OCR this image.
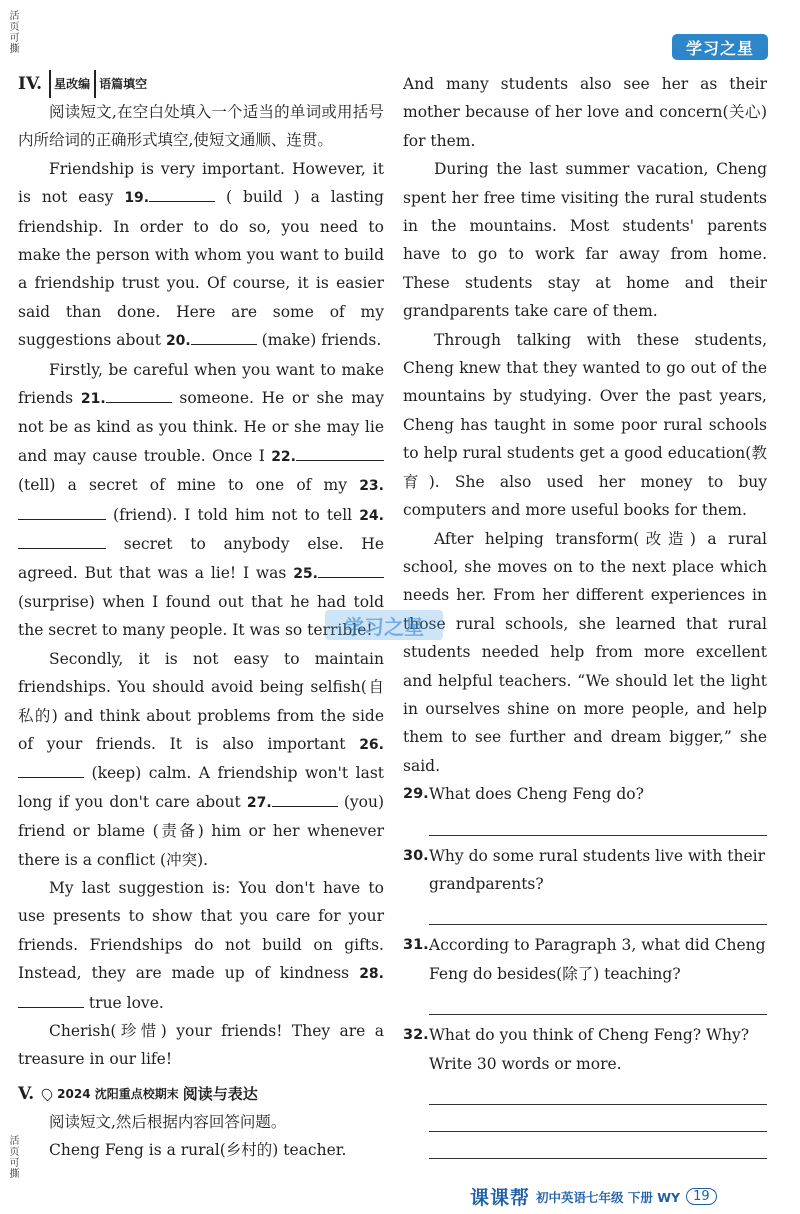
活页可撕
活页可撕
学习之星
IV.	星改编 语篇填空

阅读短文,在空白处填入一个适当的单词或用括号内所给词的正确形式填空,使短文通顺、连贯。

Friendship is very important. However, it is not easy 19.	( build ) a lasting friendship. In order to do so, you need to make the person with whom you want to build a friendship trust you. Of course, it is easier said than done. Here are some of my suggestions about 20.	(make) friends.

Firstly, be careful when you want to make friends 21.	someone. He or she may not be as kind as you think. He or she may lie and may cause trouble. Once I 22. (tell) a secret of mine to one of my 23. (friend). I told him not to tell 24. secret to anybody else. He agreed. But that was a lie! I was 25. (surprise) when I found out that he had told the secret to many people. It was so terrible!

Secondly, it is not easy to maintain friendships. You should avoid being selfish(自私的) and think about problems from the side of your friends. It is also important 26. (keep) calm. A friendship won't last long if you don't care about 27.	(you) friend or blame (责备) him or her whenever there is a conflict (冲突).

My last suggestion is: You don't have to use presents to show that you care for your friends. Friendships do not build on gifts. Instead, they are made up of kindness 28. true love.

Cherish(珍惜) your friends! They are a treasure in our life!

V. 2024 沈阳重点校期末 阅读与表达

阅读短文,然后根据内容回答问题。

Cheng Feng is a rural(乡村的) teacher.

And many students also see her as their mother because of her love and concern(关心) for them.

During the last summer vacation, Cheng spent her free time visiting the rural students in the mountains. Most students' parents have to go to work far away from home. These students stay at home and their grandparents take care of them.

Through talking with these students, Cheng knew that they wanted to go out of the mountains by studying. Over the past years, Cheng has taught in some poor rural schools to help rural students get a good education(教育). She also used her money to buy computers and more useful books for them.

After helping transform(改造) a rural school, she moves on to the next place which needs her. From her different experiences in those rural schools, she learned that rural students needed help from more excellent and helpful teachers. “We should let the light in ourselves shine on more people, and help them to see further and dream bigger,” she said.

29. What does Cheng Feng do?
30. Why do some rural students live with their grandparents?
31. According to Paragraph 3, what did Cheng Feng do besides(除了) teaching?
32. What do you think of Cheng Feng? Why? Write 30 words or more.
学习之星
课课帮 初中英语七年级 下册 WY	19
